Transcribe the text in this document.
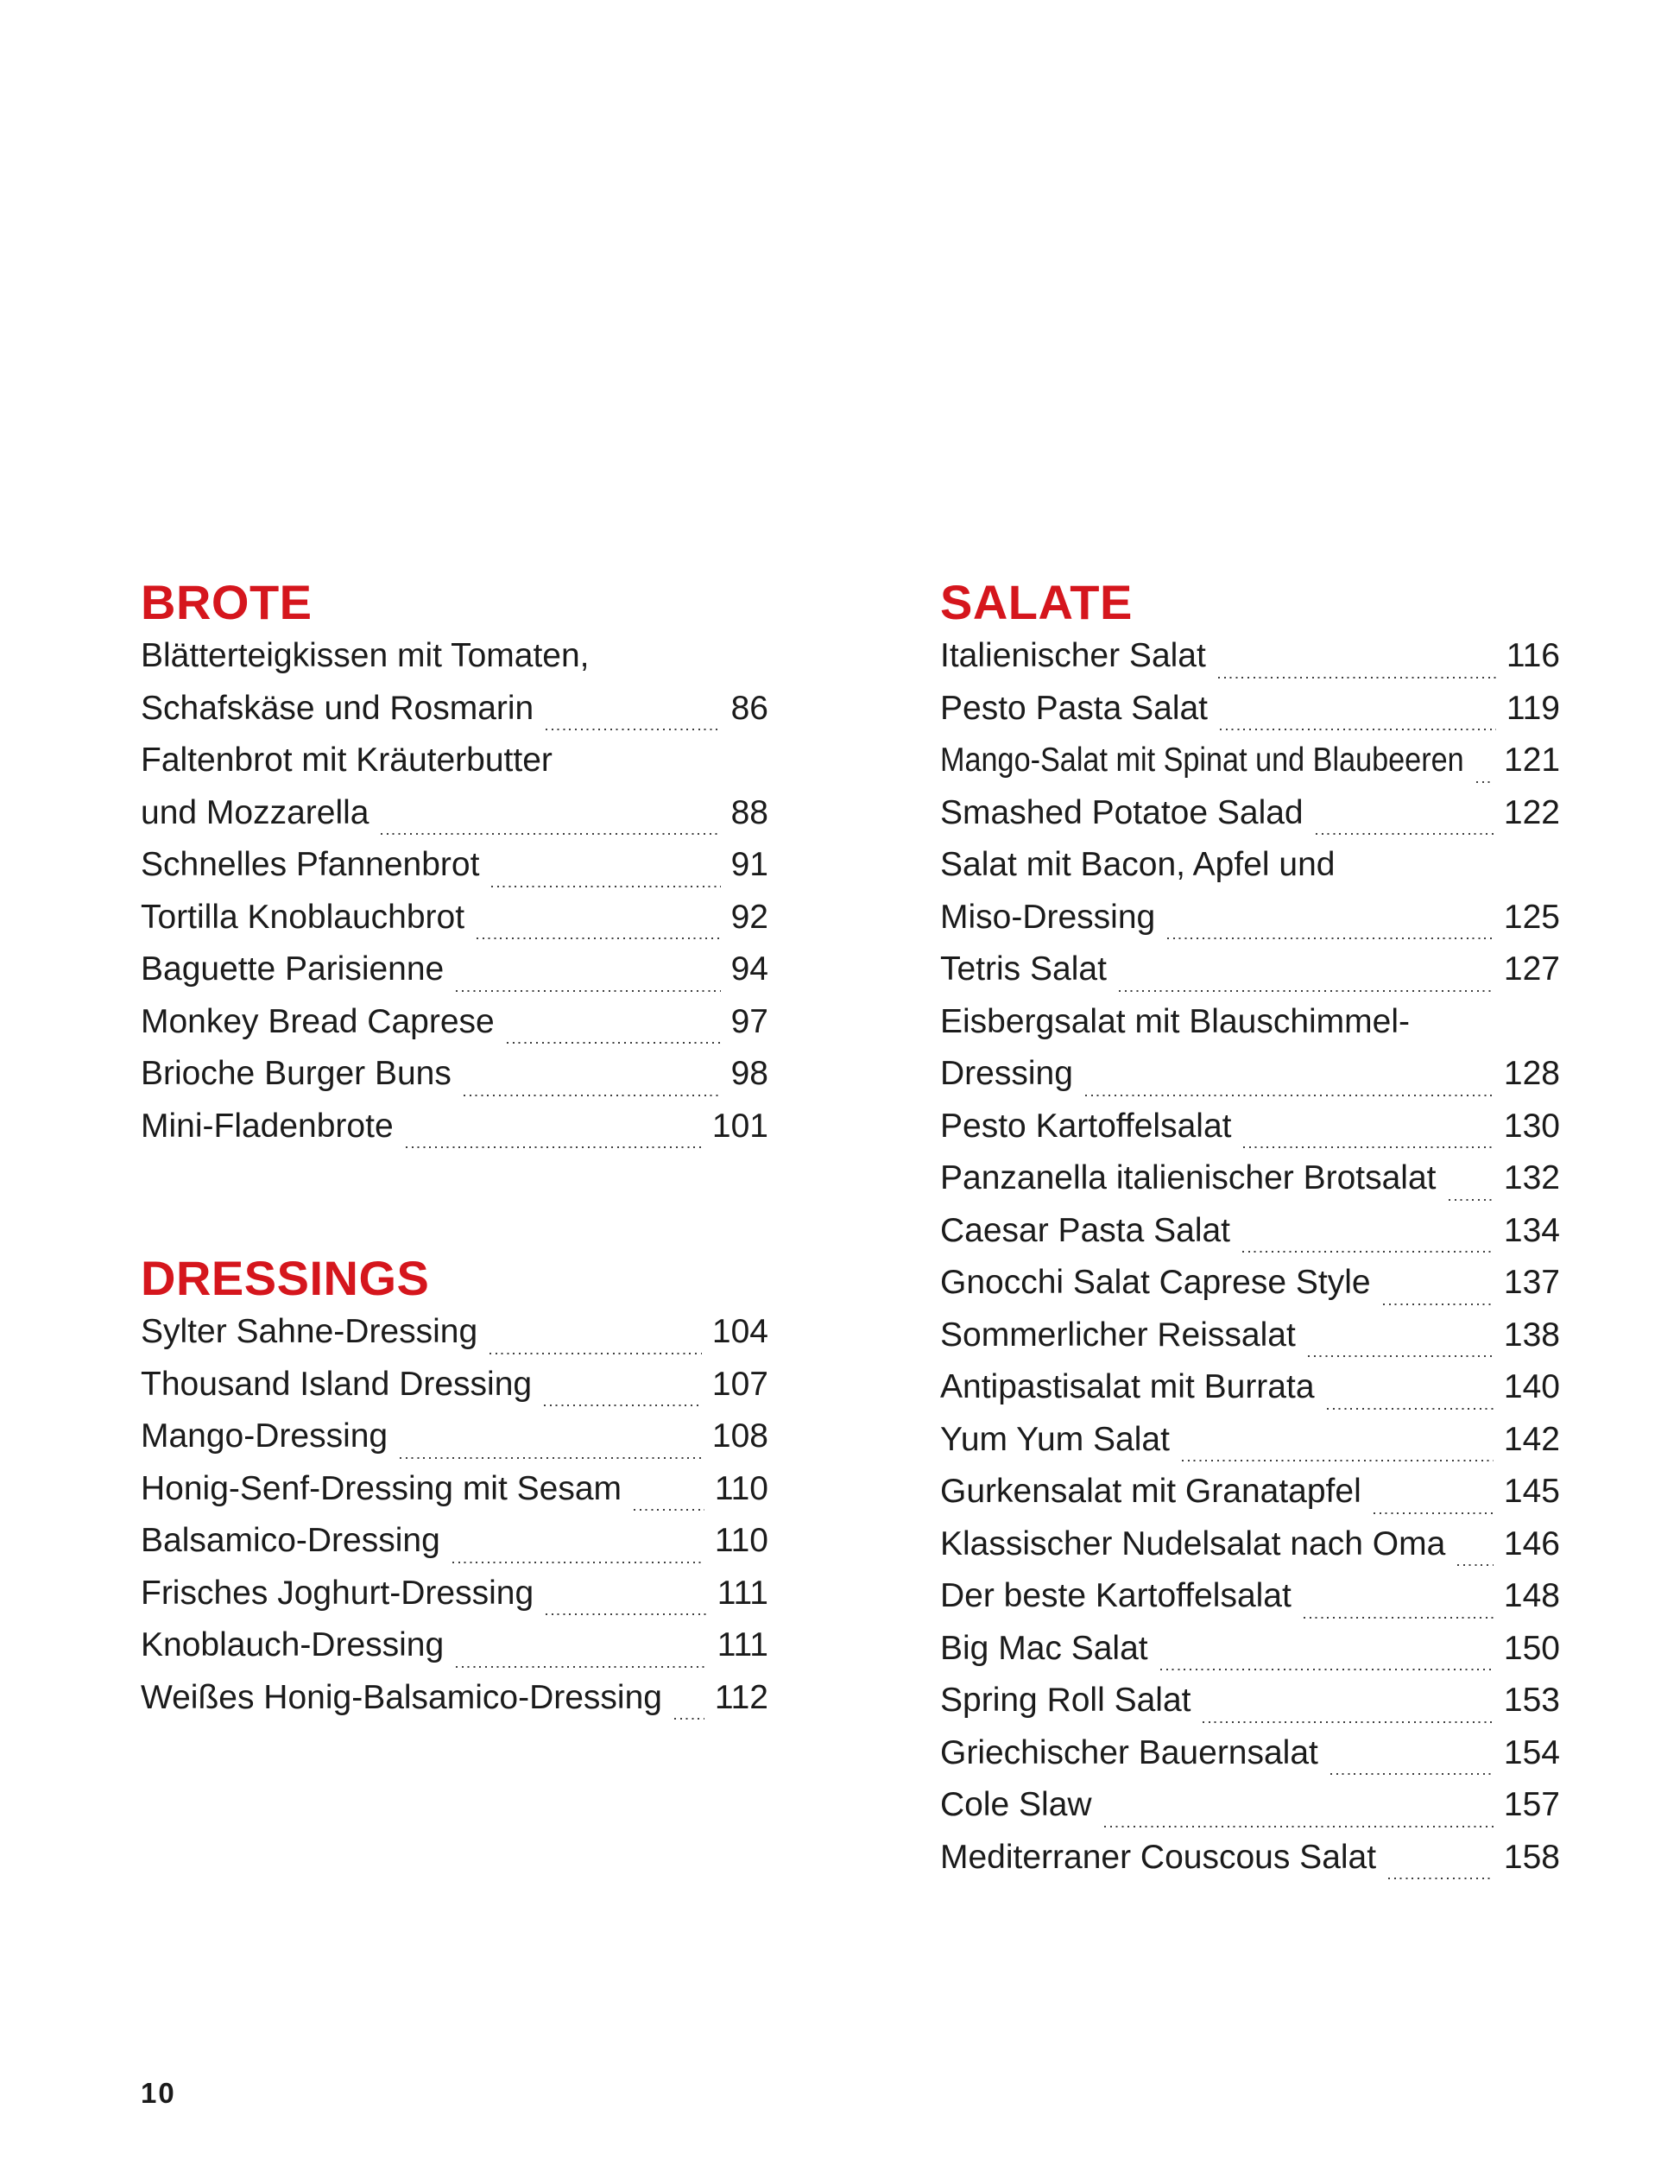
BROTE
Blätterteigkissen mit Tomaten,
Schafskäse und Rosmarin	86
Faltenbrot mit Kräuterbutter
und Mozzarella	88
Schnelles Pfannenbrot	91
Tortilla Knoblauchbrot	92
Baguette Parisienne	94
Monkey Bread Caprese	97
Brioche Burger Buns	98
Mini-Fladenbrote	101
DRESSINGS
Sylter Sahne-Dressing	104
Thousand Island Dressing	107
Mango-Dressing	108
Honig-Senf-Dressing mit Sesam	110
Balsamico-Dressing	110
Frisches Joghurt-Dressing	111
Knoblauch-Dressing	111
Weißes Honig-Balsamico-Dressing 112
SALATE
Italienischer Salat	116
Pesto Pasta Salat	119
Mango-Salat mit Spinat und Blaubeeren 121
Smashed Potatoe Salad	122
Salat mit Bacon, Apfel und
Miso-Dressing	125
Tetris Salat	127
Eisbergsalat mit Blauschimmel-
Dressing	128
Pesto Kartoffelsalat	130
Panzanella italienischer Brotsalat 132
Caesar Pasta Salat	134
Gnocchi Salat Caprese Style	137
Sommerlicher Reissalat	138
Antipastisalat mit Burrata	140
Yum Yum Salat	142
Gurkensalat mit Granatapfel	145
Klassischer Nudelsalat nach Oma 146
Der beste Kartoffelsalat	148
Big Mac Salat	150
Spring Roll Salat	153
Griechischer Bauernsalat	154
Cole Slaw	157
Mediterraner Couscous Salat	158
10
